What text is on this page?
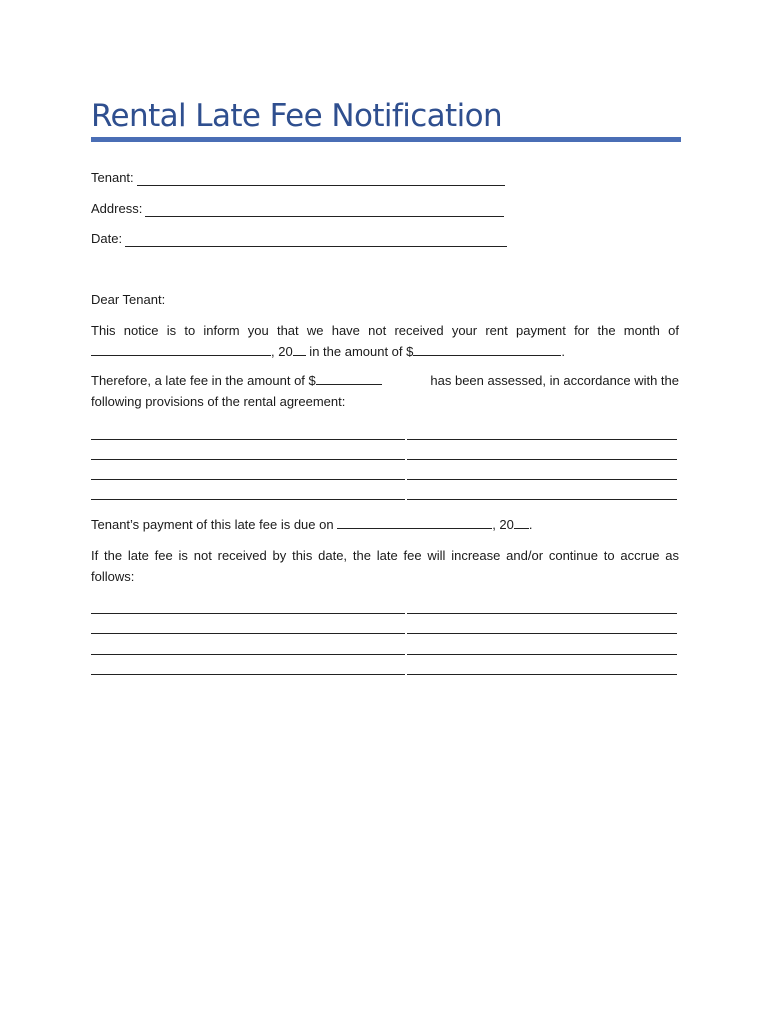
Rental Late Fee Notification
Tenant:
Address:
Date:

Dear Tenant:

This notice is to inform you that we have not received your rent payment for the month of
, 20 in the amount of $	.
Therefore, a late fee in the amount of $	has been assessed, in accordance with the
following provisions of the rental agreement:
Tenant’s payment of this late fee is due on	, 20 .
If the late fee is not received by this date, the late fee will increase and/or continue to accrue as
follows:
